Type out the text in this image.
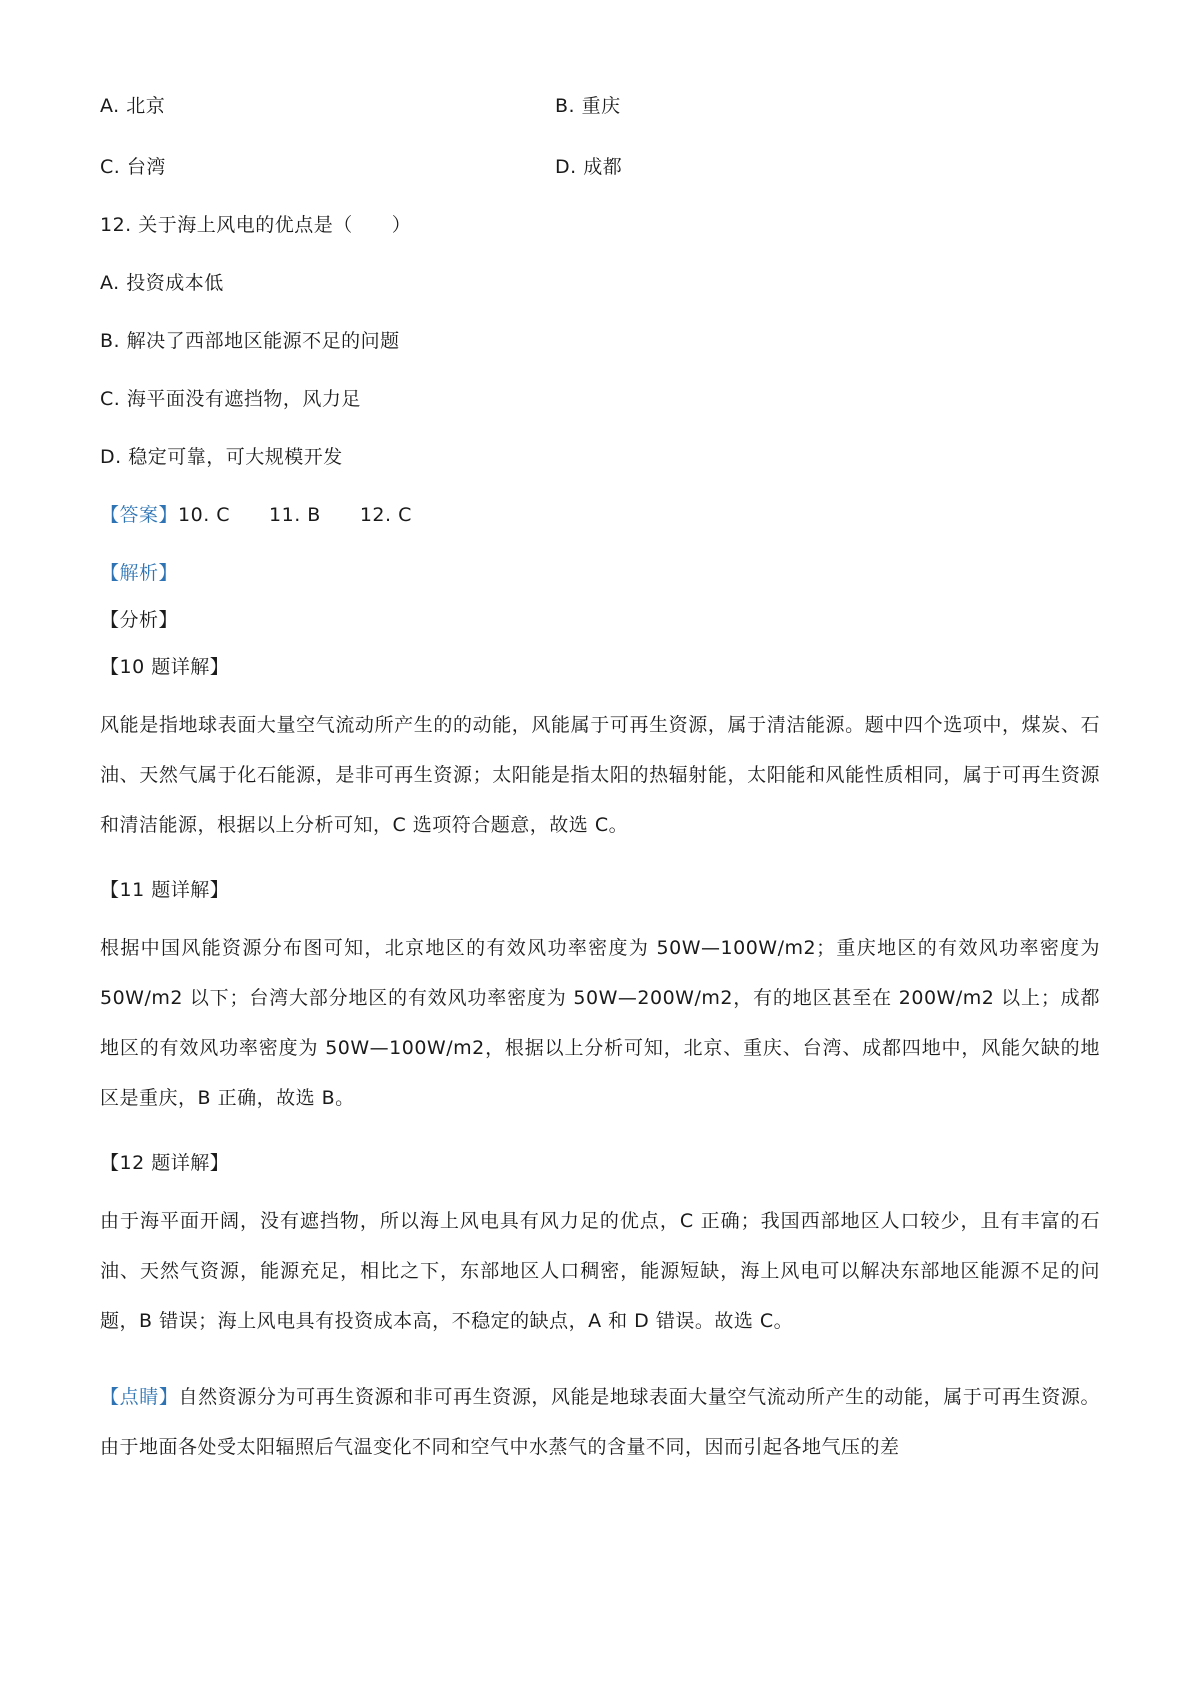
A. 北京	B. 重庆
C. 台湾	D. 成都
12. 关于海上风电的优点是（　　）
A. 投资成本低
B. 解决了西部地区能源不足的问题
C. 海平面没有遮挡物，风力足
D. 稳定可靠，可大规模开发
【答案】10. C　　11. B　　12. C
【解析】
【分析】
【10 题详解】

风能是指地球表面大量空气流动所产生的的动能，风能属于可再生资源，属于清洁能源。题中四个选项中，煤炭、石油、天然气属于化石能源，是非可再生资源；太阳能是指太阳的热辐射能，太阳能和风能性质相同，属于可再生资源和清洁能源，根据以上分析可知，C 选项符合题意，故选 C。

【11 题详解】

根据中国风能资源分布图可知，北京地区的有效风功率密度为 50W—100W/m2；重庆地区的有效风功率密度为 50W/m2 以下；台湾大部分地区的有效风功率密度为 50W—200W/m2，有的地区甚至在 200W/m2 以上；成都地区的有效风功率密度为 50W—100W/m2，根据以上分析可知，北京、重庆、台湾、成都四地中，风能欠缺的地区是重庆，B 正确，故选 B。

【12 题详解】

由于海平面开阔，没有遮挡物，所以海上风电具有风力足的优点，C 正确；我国西部地区人口较少，且有丰富的石油、天然气资源，能源充足，相比之下，东部地区人口稠密，能源短缺，海上风电可以解决东部地区能源不足的问题，B 错误；海上风电具有投资成本高，不稳定的缺点，A 和 D 错误。故选 C。

【点睛】自然资源分为可再生资源和非可再生资源，风能是地球表面大量空气流动所产生的动能，属于可再生资源。由于地面各处受太阳辐照后气温变化不同和空气中水蒸气的含量不同，因而引起各地气压的差
